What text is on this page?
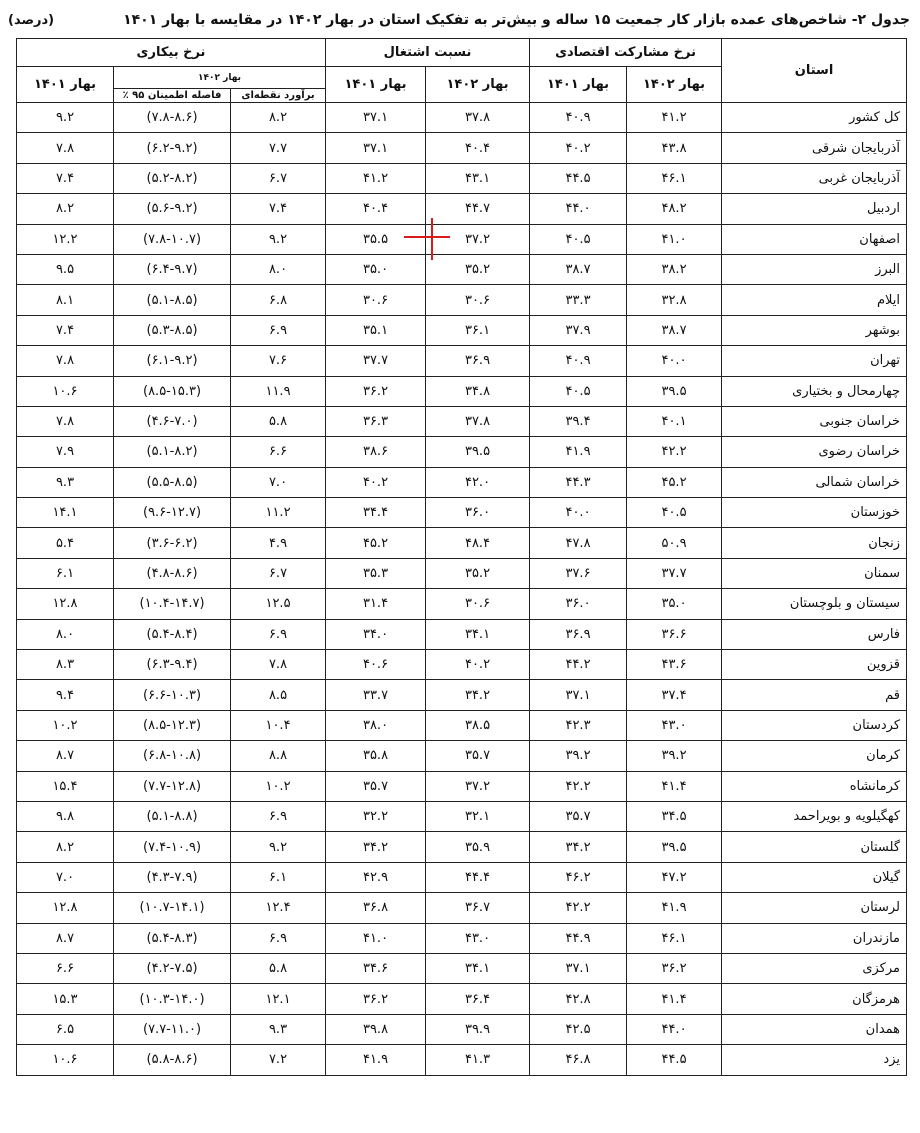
جدول ۲- شاخص‌های عمده بازار کار جمعیت ۱۵ ساله و بیش‌تر به تفکیک استان در بهار ۱۴۰۲ در مقایسه با بهار ۱۴۰۱
(درصد)
استان	نرخ مشارکت اقتصادی		نسبت اشتغال		نرخ بیکاری		
	بهار ۱۴۰۲	بهار ۱۴۰۱	بهار ۱۴۰۲	بهار ۱۴۰۱	بهار ۱۴۰۲		بهار ۱۴۰۱
					برآورد نقطه‌ای	فاصله اطمینان ۹۵ ٪	
کل کشور	۴۱.۲	۴۰.۹	۳۷.۸	۳۷.۱	۸.۲	(۷.۸-۸.۶)	۹.۲
آذربایجان شرقی	۴۳.۸	۴۰.۲	۴۰.۴	۳۷.۱	۷.۷	(۶.۲-۹.۲)	۷.۸
آذربایجان غربی	۴۶.۱	۴۴.۵	۴۳.۱	۴۱.۲	۶.۷	(۵.۲-۸.۲)	۷.۴
اردبیل	۴۸.۲	۴۴.۰	۴۴.۷	۴۰.۴	۷.۴	(۵.۶-۹.۲)	۸.۲
اصفهان	۴۱.۰	۴۰.۵	۳۷.۲	۳۵.۵	۹.۲	(۷.۸-۱۰.۷)	۱۲.۲
البرز	۳۸.۲	۳۸.۷	۳۵.۲	۳۵.۰	۸.۰	(۶.۴-۹.۷)	۹.۵
ایلام	۳۲.۸	۳۳.۳	۳۰.۶	۳۰.۶	۶.۸	(۵.۱-۸.۵)	۸.۱
بوشهر	۳۸.۷	۳۷.۹	۳۶.۱	۳۵.۱	۶.۹	(۵.۳-۸.۵)	۷.۴
تهران	۴۰.۰	۴۰.۹	۳۶.۹	۳۷.۷	۷.۶	(۶.۱-۹.۲)	۷.۸
چهارمحال و بختیاری	۳۹.۵	۴۰.۵	۳۴.۸	۳۶.۲	۱۱.۹	(۸.۵-۱۵.۳)	۱۰.۶
خراسان جنوبی	۴۰.۱	۳۹.۴	۳۷.۸	۳۶.۳	۵.۸	(۴.۶-۷.۰)	۷.۸
خراسان رضوی	۴۲.۲	۴۱.۹	۳۹.۵	۳۸.۶	۶.۶	(۵.۱-۸.۲)	۷.۹
خراسان شمالی	۴۵.۲	۴۴.۳	۴۲.۰	۴۰.۲	۷.۰	(۵.۵-۸.۵)	۹.۳
خوزستان	۴۰.۵	۴۰.۰	۳۶.۰	۳۴.۴	۱۱.۲	(۹.۶-۱۲.۷)	۱۴.۱
زنجان	۵۰.۹	۴۷.۸	۴۸.۴	۴۵.۲	۴.۹	(۳.۶-۶.۲)	۵.۴
سمنان	۳۷.۷	۳۷.۶	۳۵.۲	۳۵.۳	۶.۷	(۴.۸-۸.۶)	۶.۱
سیستان و بلوچستان	۳۵.۰	۳۶.۰	۳۰.۶	۳۱.۴	۱۲.۵	(۱۰.۴-۱۴.۷)	۱۲.۸
فارس	۳۶.۶	۳۶.۹	۳۴.۱	۳۴.۰	۶.۹	(۵.۴-۸.۴)	۸.۰
قزوین	۴۳.۶	۴۴.۲	۴۰.۲	۴۰.۶	۷.۸	(۶.۳-۹.۴)	۸.۳
قم	۳۷.۴	۳۷.۱	۳۴.۲	۳۳.۷	۸.۵	(۶.۶-۱۰.۳)	۹.۴
کردستان	۴۳.۰	۴۲.۳	۳۸.۵	۳۸.۰	۱۰.۴	(۸.۵-۱۲.۳)	۱۰.۲
کرمان	۳۹.۲	۳۹.۲	۳۵.۷	۳۵.۸	۸.۸	(۶.۸-۱۰.۸)	۸.۷
کرمانشاه	۴۱.۴	۴۲.۲	۳۷.۲	۳۵.۷	۱۰.۲	(۷.۷-۱۲.۸)	۱۵.۴
کهگیلویه و بویراحمد	۳۴.۵	۳۵.۷	۳۲.۱	۳۲.۲	۶.۹	(۵.۱-۸.۸)	۹.۸
گلستان	۳۹.۵	۳۴.۲	۳۵.۹	۳۴.۲	۹.۲	(۷.۴-۱۰.۹)	۸.۲
گیلان	۴۷.۲	۴۶.۲	۴۴.۴	۴۲.۹	۶.۱	(۴.۳-۷.۹)	۷.۰
لرستان	۴۱.۹	۴۲.۲	۳۶.۷	۳۶.۸	۱۲.۴	(۱۰.۷-۱۴.۱)	۱۲.۸
مازندران	۴۶.۱	۴۴.۹	۴۳.۰	۴۱.۰	۶.۹	(۵.۴-۸.۳)	۸.۷
مرکزی	۳۶.۲	۳۷.۱	۳۴.۱	۳۴.۶	۵.۸	(۴.۲-۷.۵)	۶.۶
هرمزگان	۴۱.۴	۴۲.۸	۳۶.۴	۳۶.۲	۱۲.۱	(۱۰.۳-۱۴.۰)	۱۵.۳
همدان	۴۴.۰	۴۲.۵	۳۹.۹	۳۹.۸	۹.۳	(۷.۷-۱۱.۰)	۶.۵
یزد	۴۴.۵	۴۶.۸	۴۱.۳	۴۱.۹	۷.۲	(۵.۸-۸.۶)	۱۰.۶
